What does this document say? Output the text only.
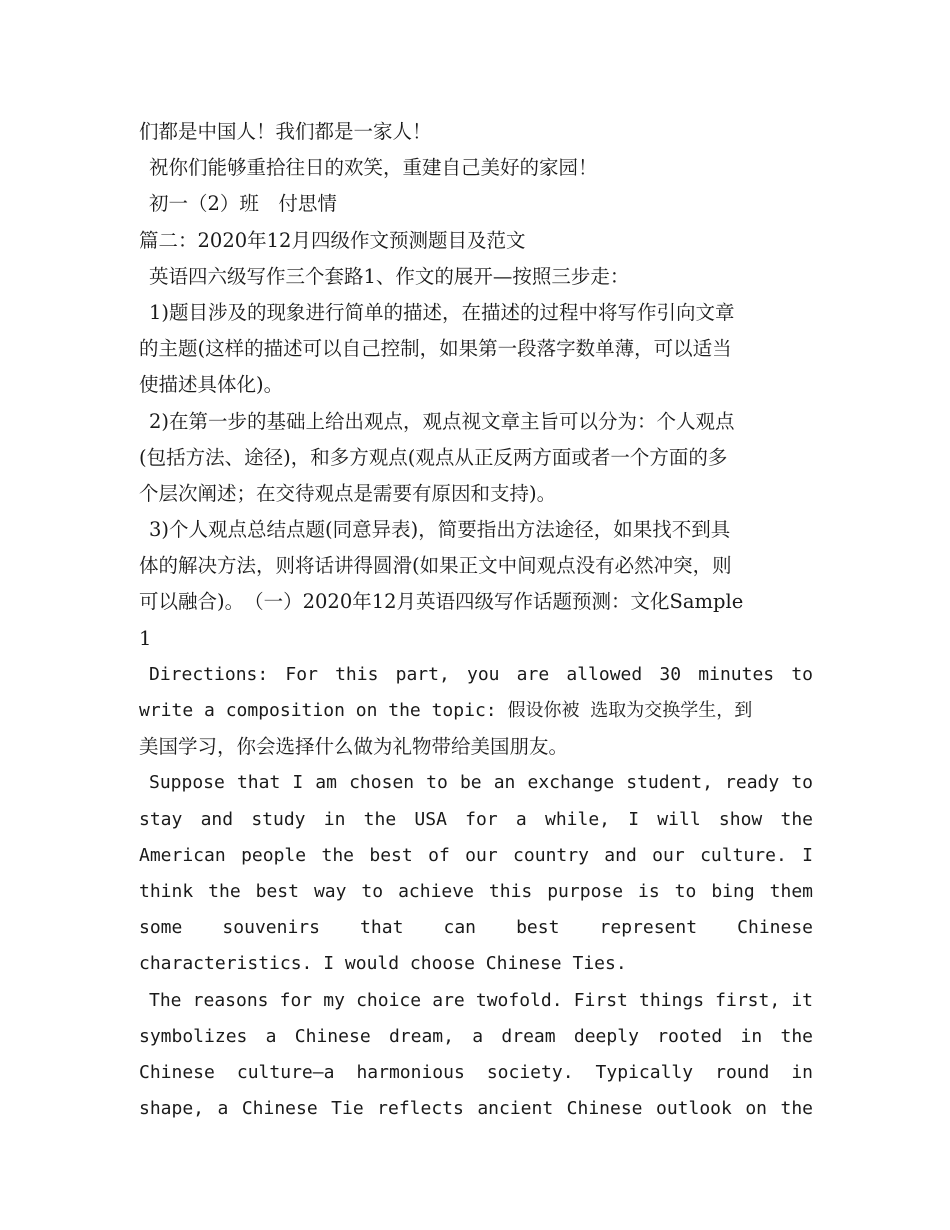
们都是中国人！我们都是一家人！
祝你们能够重拾往日的欢笑，重建自己美好的家园！
初一（2）班　付思情
篇二：2020年12月四级作文预测题目及范文
英语四六级写作三个套路1、作文的展开—按照三步走：
1)题目涉及的现象进行简单的描述，在描述的过程中将写作引向文章
的主题(这样的描述可以自己控制，如果第一段落字数单薄，可以适当
使描述具体化)。
2)在第一步的基础上给出观点，观点视文章主旨可以分为：个人观点
(包括方法、途径)，和多方观点(观点从正反两方面或者一个方面的多
个层次阐述；在交待观点是需要有原因和支持)。
3)个人观点总结点题(同意异表)，简要指出方法途径，如果找不到具
体的解决方法，则将话讲得圆滑(如果正文中间观点没有必然冲突，则
可以融合)。　（一）2020年12月英语四级写作话题预测：文化Sample
1
Directions: For this part, you are allowed 30 minutes to
write a composition on the topic: 假设你被 选取为交换学生，到
美国学习，你会选择什么做为礼物带给美国朋友。
Suppose that I am chosen to be an exchange student, ready to
stay and study in the USA for a while, I will show the
American people the best of our country and our culture. I
think the best way to achieve this purpose is to bing them
some souvenirs that can best represent Chinese
characteristics. I would choose Chinese Ties.
The reasons for my choice are twofold. First things first, it
symbolizes a Chinese dream, a dream deeply rooted in the
Chinese culture—a harmonious society. Typically round in
shape, a Chinese Tie reflects ancient Chinese outlook on the
